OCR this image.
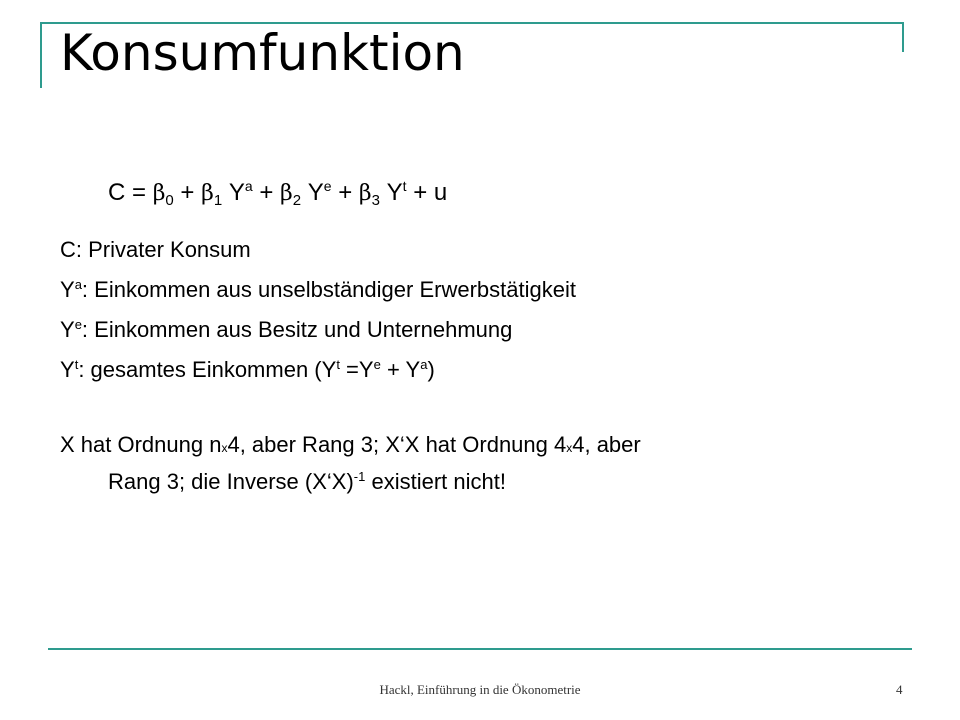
Konsumfunktion
$C = \beta_0 + \beta_1$ $Y^a + \beta_2$ $Y^e + \beta_3$ $Y^t + u$
C: Privater Konsum
$Y^a$: Einkommen aus unselbständiger Erwerbstätigkeit
$Y^e$: Einkommen aus Besitz und Unternehmung
$Y^t$: gesamtes Einkommen $(Y^t =Y^e + Y^a)$
X hat Ordnung nx4, aber Rang 3; X‘X hat Ordnung 4x4, aber
Rang 3; die Inverse (X‘X)$^{-1}$ existiert nicht!
Hackl, Einführung in die Ökonometrie	4
